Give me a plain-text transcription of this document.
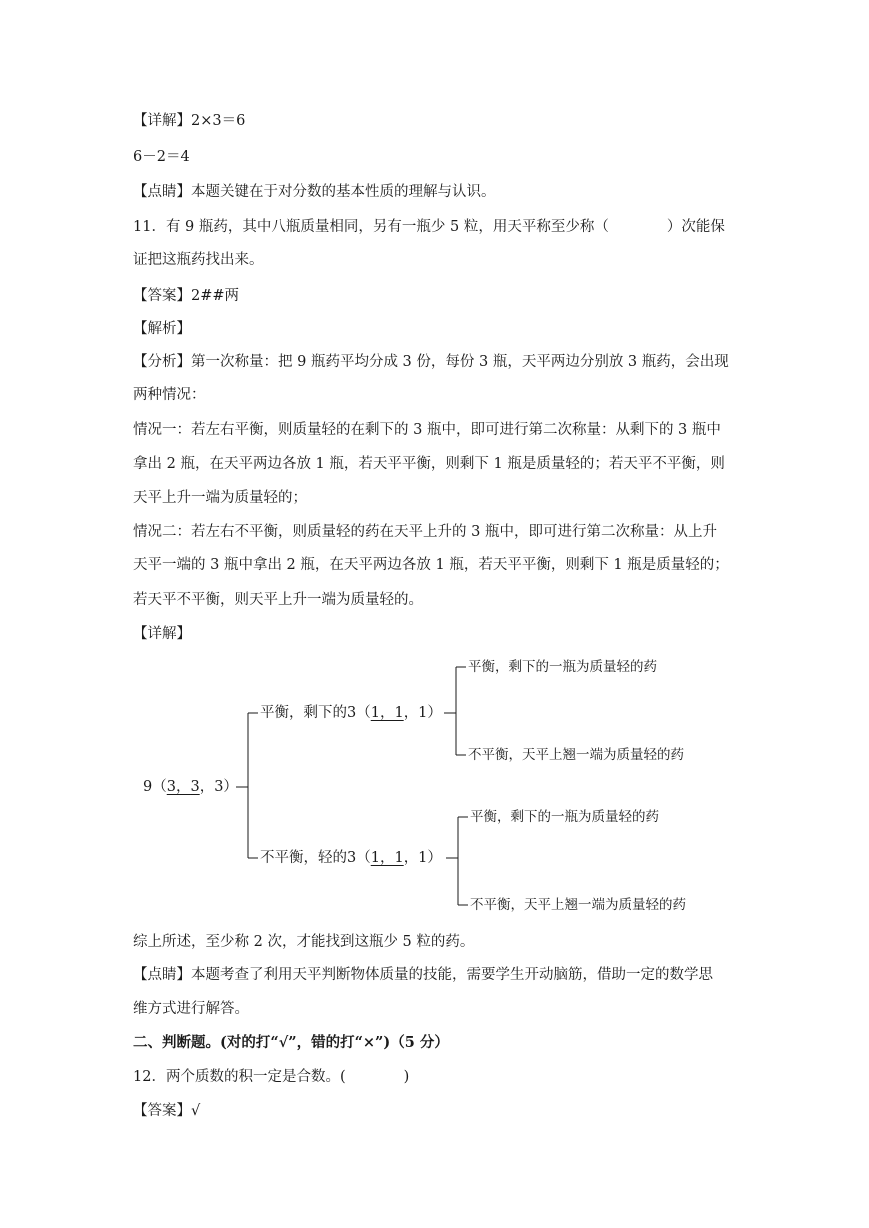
【详解】2×3＝6
6－2＝4
【点睛】本题关键在于对分数的基本性质的理解与认识。
11．有 9 瓶药，其中八瓶质量相同，另有一瓶少 5 粒，用天平称至少称（　　　　）次能保
证把这瓶药找出来。
【答案】2##两
【解析】
【分析】第一次称量：把 9 瓶药平均分成 3 份，每份 3 瓶，天平两边分别放 3 瓶药，会出现
两种情况：
情况一：若左右平衡，则质量轻的在剩下的 3 瓶中，即可进行第二次称量：从剩下的 3 瓶中
拿出 2 瓶，在天平两边各放 1 瓶，若天平平衡，则剩下 1 瓶是质量轻的；若天平不平衡，则
天平上升一端为质量轻的；
情况二：若左右不平衡，则质量轻的药在天平上升的 3 瓶中，即可进行第二次称量：从上升
天平一端的 3 瓶中拿出 2 瓶，在天平两边各放 1 瓶，若天平平衡，则剩下 1 瓶是质量轻的；
若天平不平衡，则天平上升一端为质量轻的。
【详解】
9（3，3，3）
平衡，剩下的3（1，1，1）
平衡，剩下的一瓶为质量轻的药
不平衡，天平上翘一端为质量轻的药
不平衡，轻的3（1，1，1）
平衡，剩下的一瓶为质量轻的药
不平衡，天平上翘一端为质量轻的药
综上所述，至少称 2 次，才能找到这瓶少 5 粒的药。
【点睛】本题考查了利用天平判断物体质量的技能，需要学生开动脑筋，借助一定的数学思
维方式进行解答。
二、判断题。(对的打“√”，错的打“×”)（5 分）
12．两个质数的积一定是合数。(　　　　)
【答案】√
